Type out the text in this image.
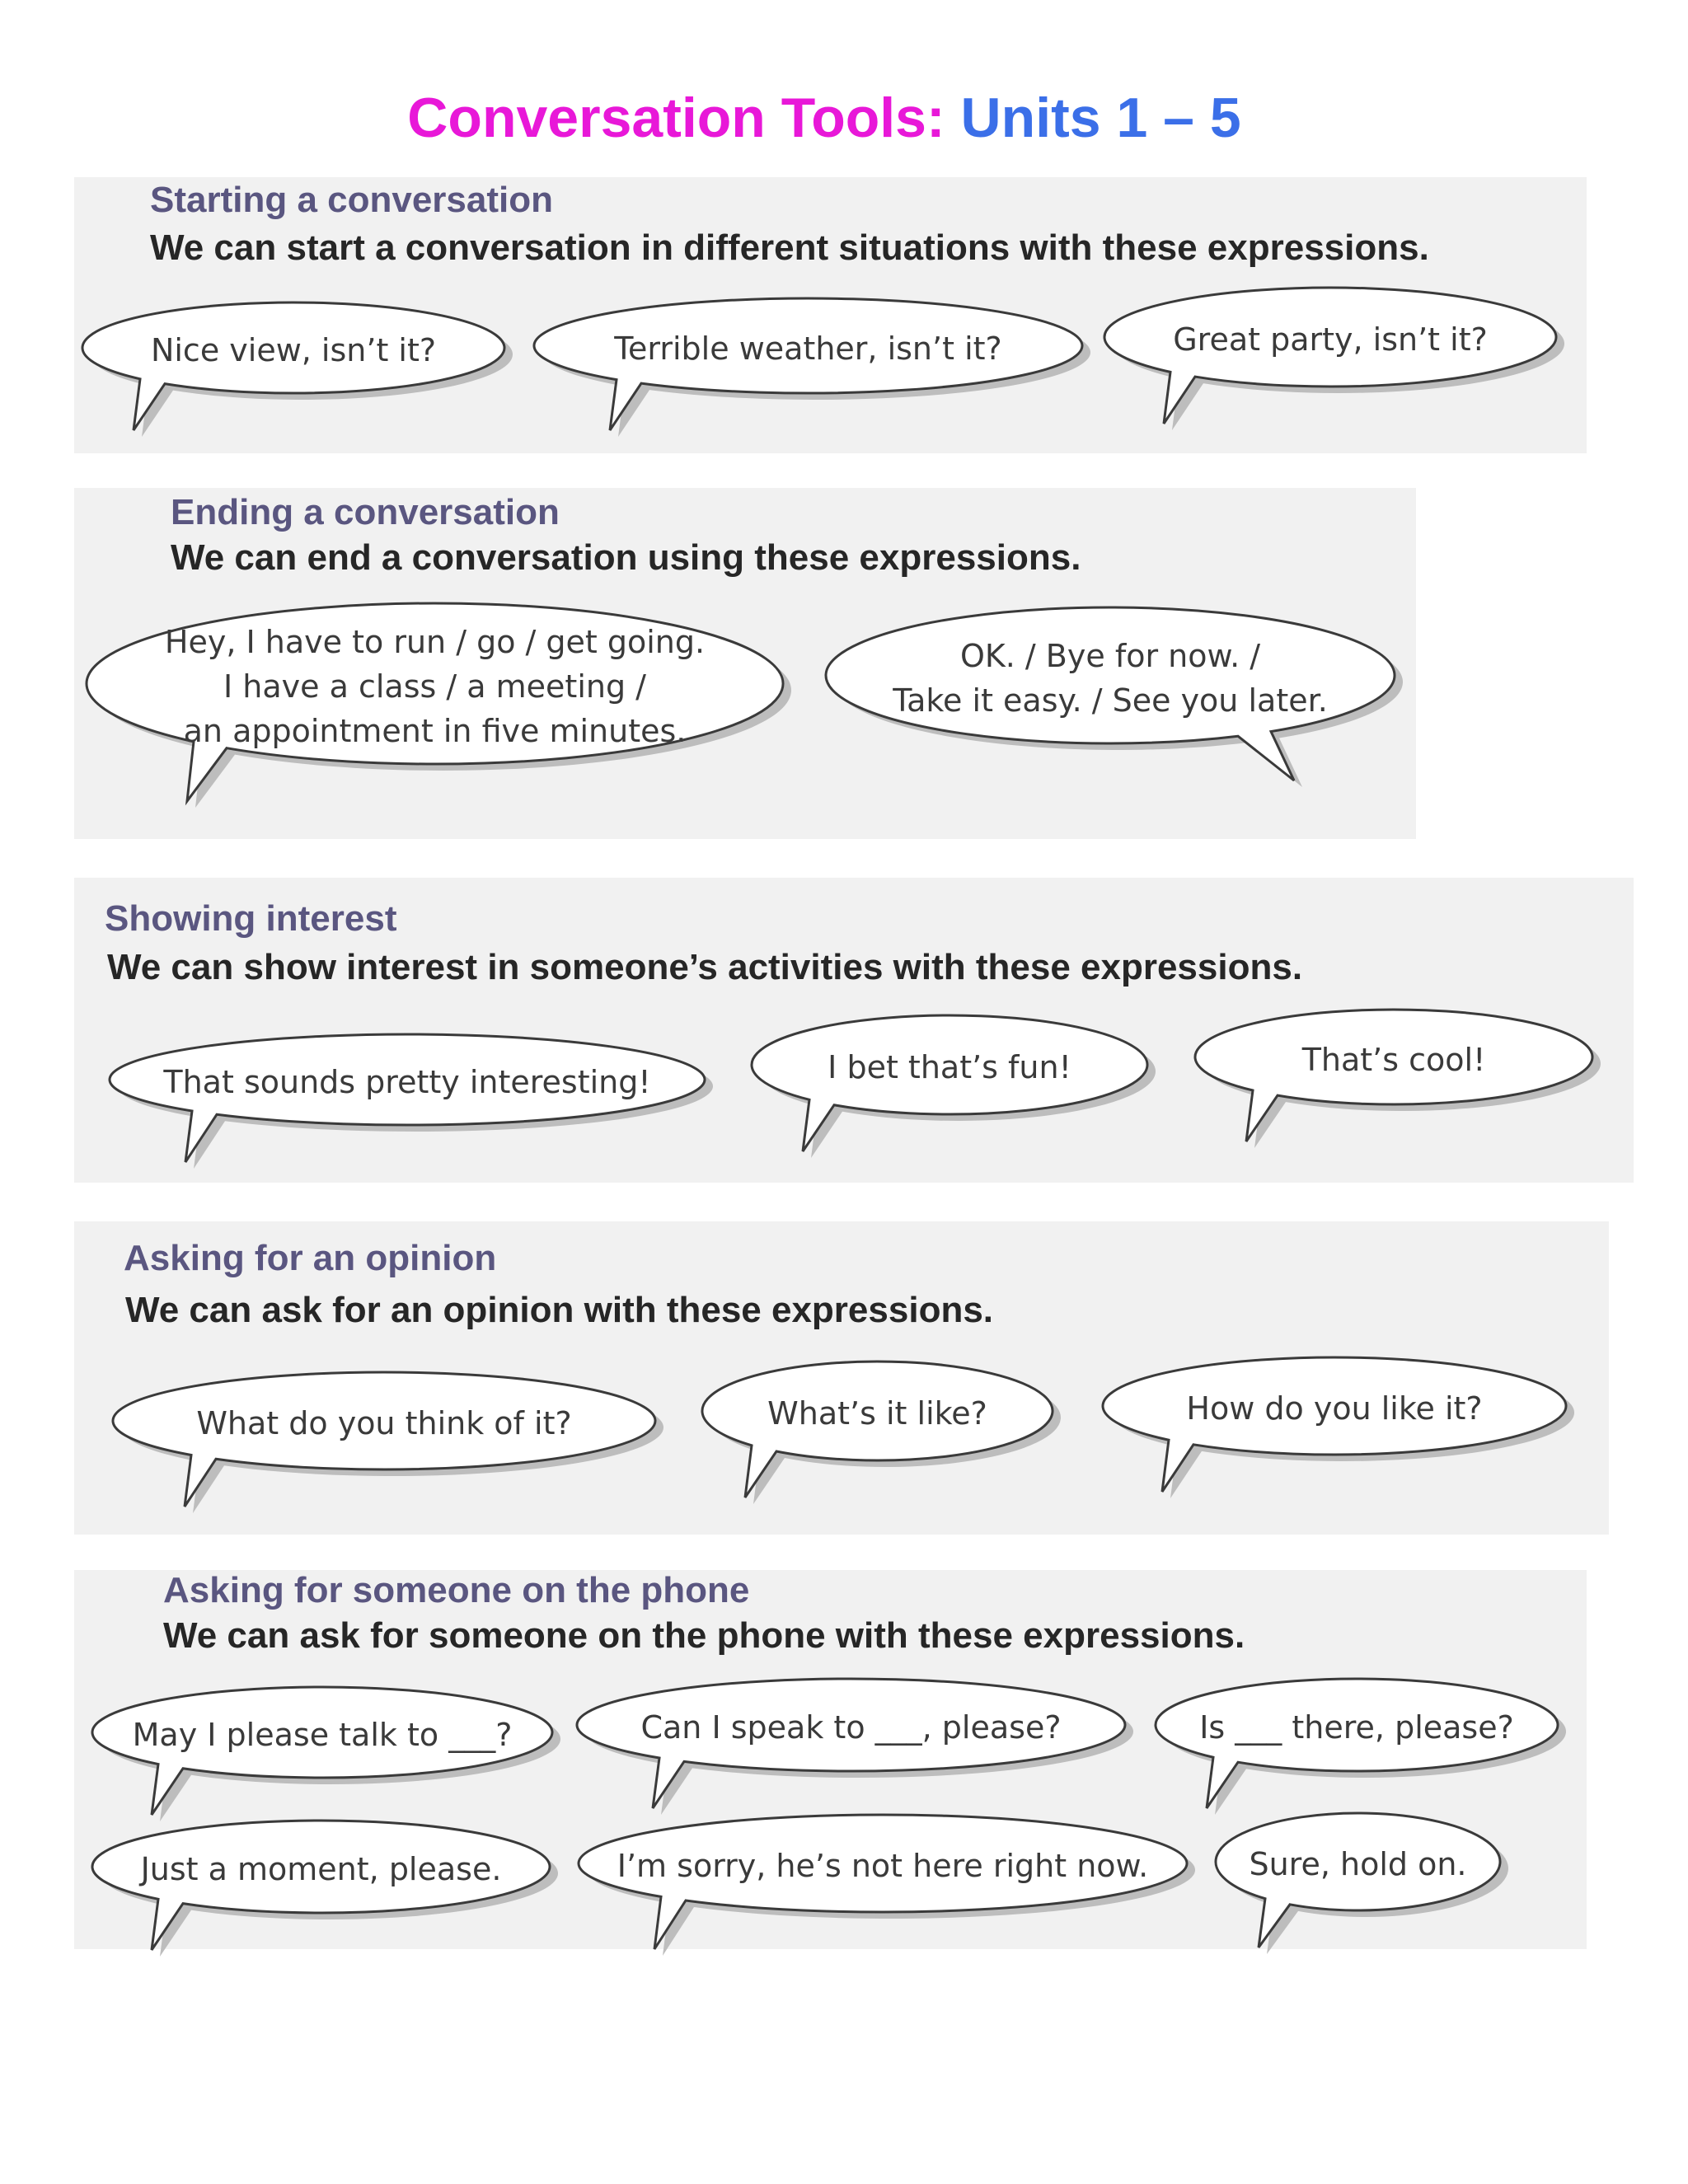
Conversation Tools: Units 1 – 5
Starting a conversation
We can start a conversation in different situations with these expressions.
Ending a conversation
We can end a conversation using these expressions.
Showing interest
We can show interest in someone’s activities with these expressions.
Asking for an opinion
We can ask for an opinion with these expressions.
Asking for someone on the phone
We can ask for someone on the phone with these expressions.
Nice view, isn’t it?	Terrible weather, isn’t it?	Great party, isn’t it?
Hey, I have to run / go / get going.
I have a class / a meeting /
an appointment in five minutes.
OK. / Bye for now. /
Take it easy. / See you later.
That sounds pretty interesting!	I bet that’s fun!	That’s cool!
What do you think of it?	What’s it like?	How do you like it?
May I please talk to ___?	Can I speak to ___, please?	Is ___ there, please?
Just a moment, please.	I’m sorry, he’s not here right now.	Sure, hold on.
